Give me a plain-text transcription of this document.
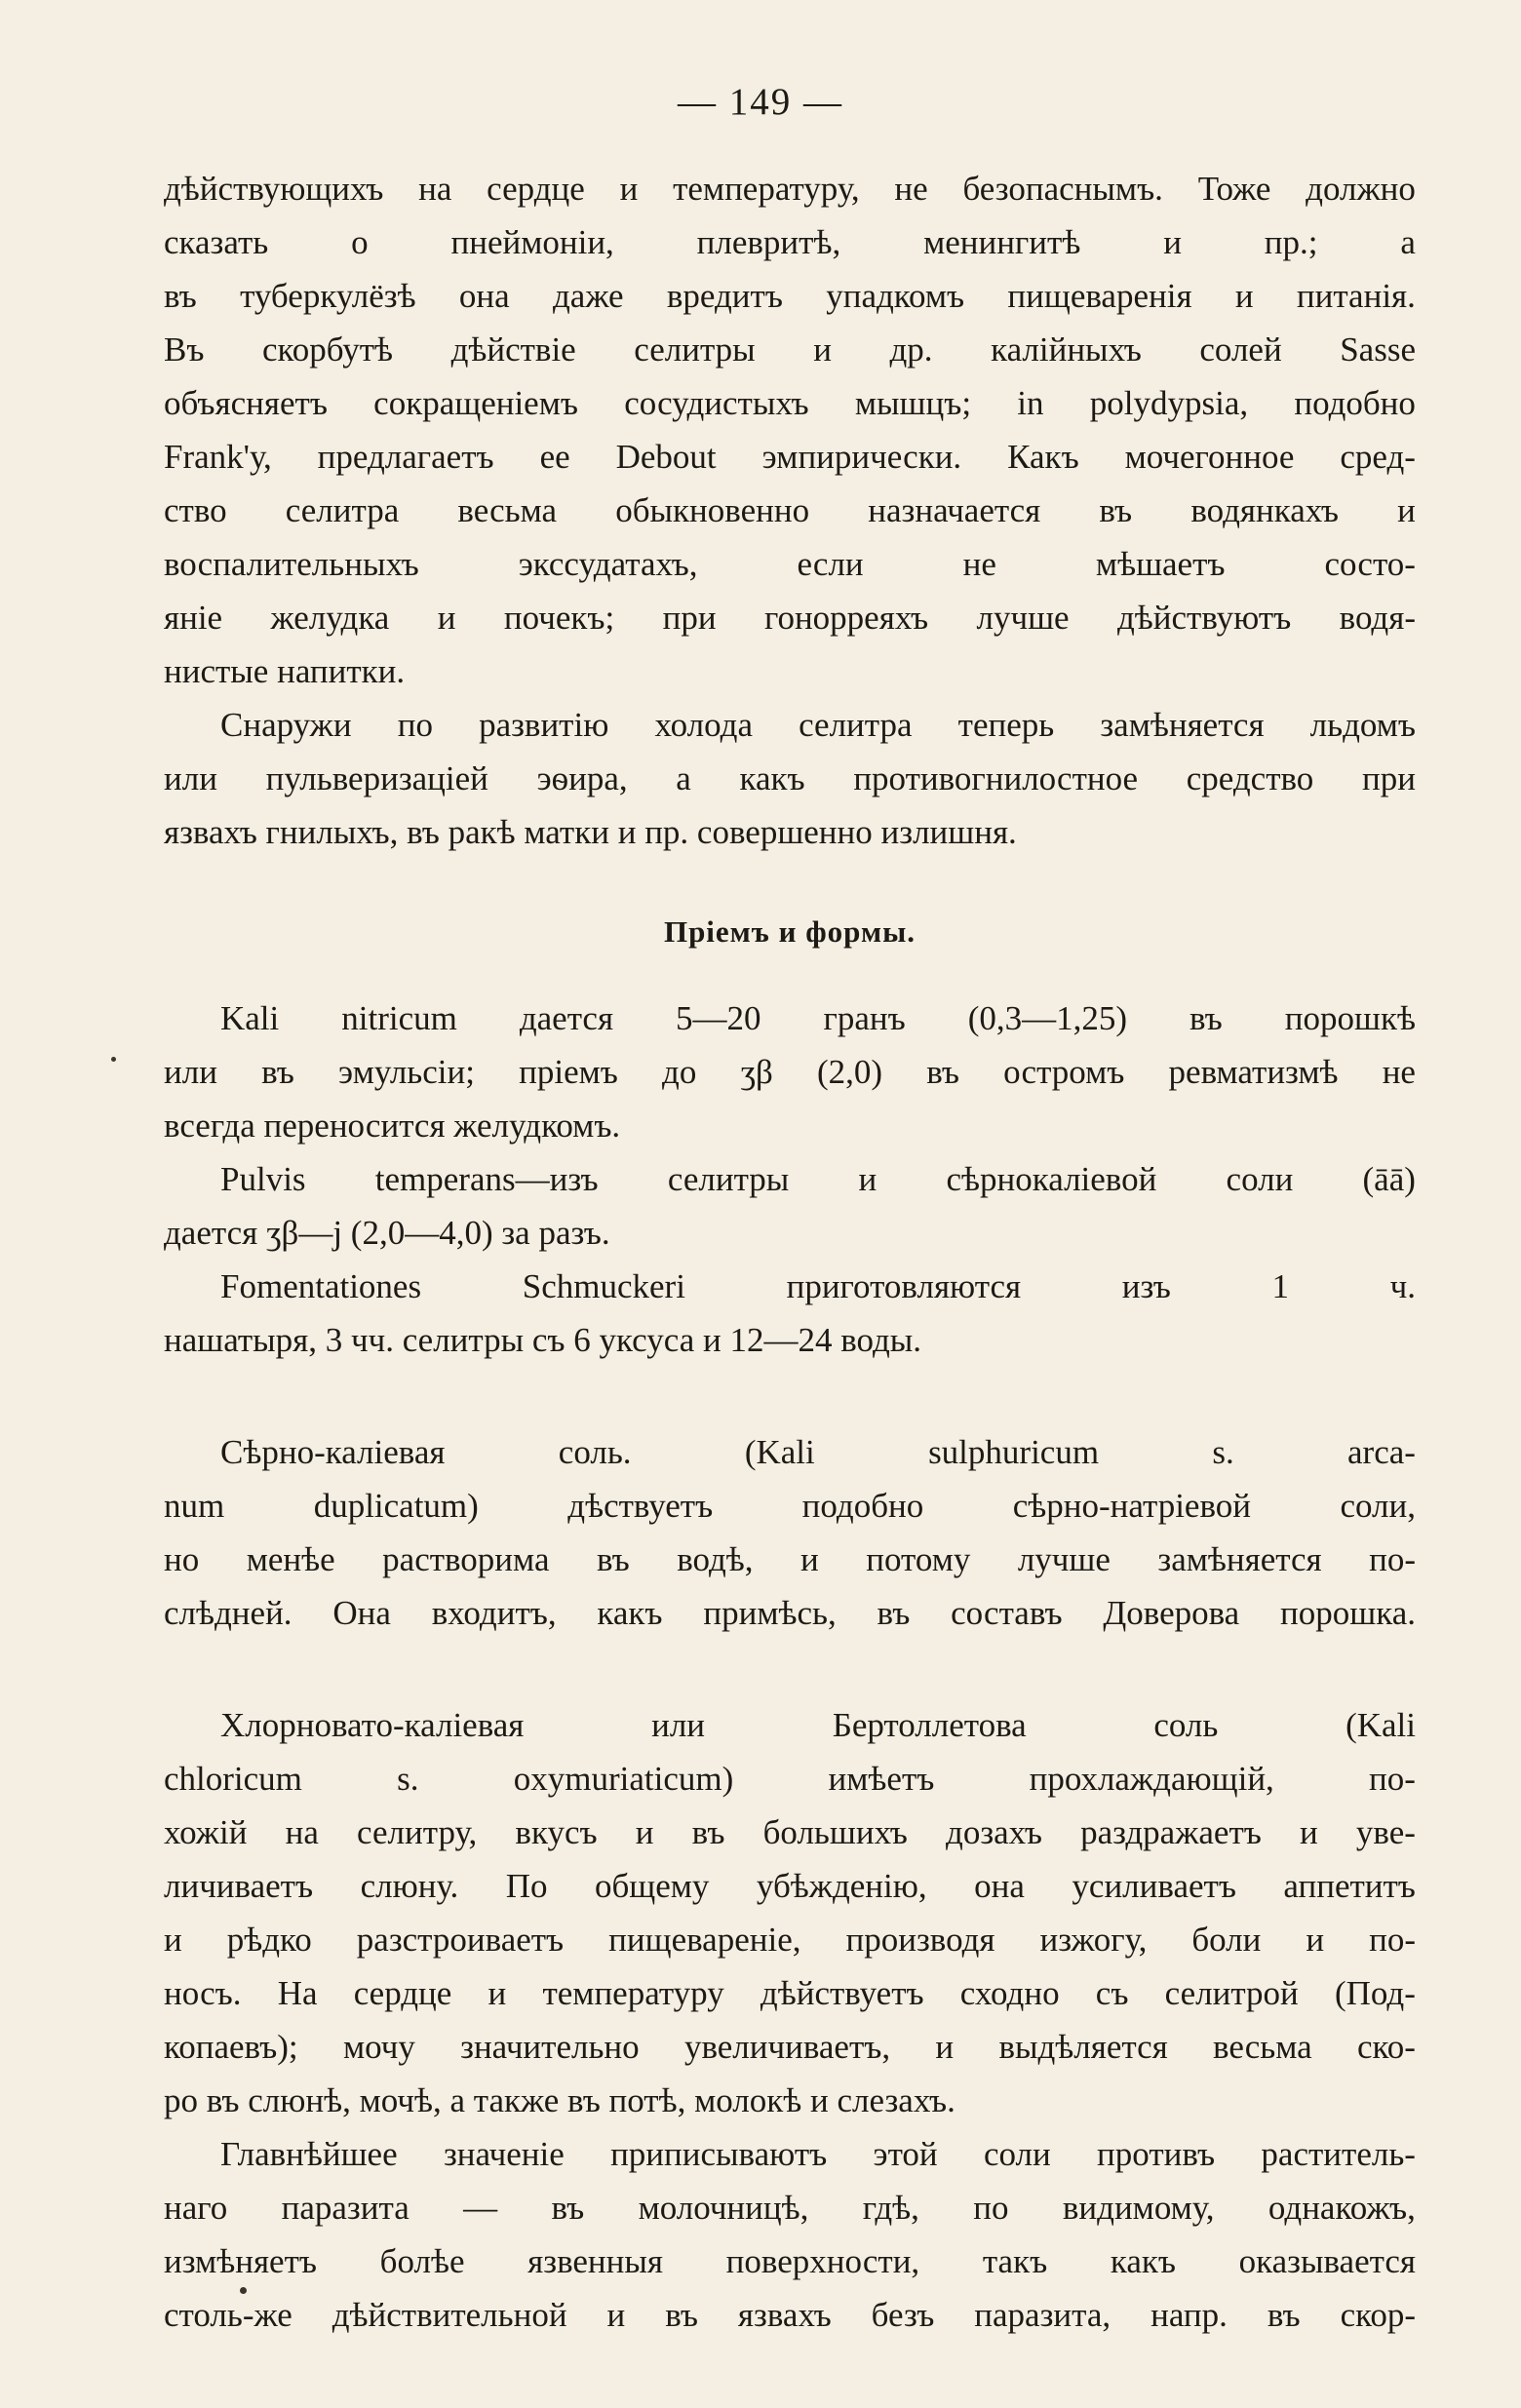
— 149 —
дѣйствующихъ на сердце и температуру, не безопаснымъ. Тоже должно
сказать о пнеймоніи, плевритѣ, менингитѣ и пр.; а
въ туберкулёзѣ она даже вредитъ упадкомъ пищеваренія и питанія.
Въ скорбутѣ дѣйствіе селитры и др. калійныхъ солей Sasse
объясняетъ сокращеніемъ сосудистыхъ мышцъ; in polydypsia, подобно
Frank'у, предлагаетъ ее Debout эмпирически. Какъ мочегонное сред-
ство селитра весьма обыкновенно назначается въ водянкахъ и
воспалительныхъ	экссудатахъ,	если	не	мѣшаетъ	состо-
яніе желудка и почекъ; при гонорреяхъ лучше дѣйствуютъ водя-
нистые напитки.
Снаружи по развитію холода селитра теперь замѣняется льдомъ
или пульверизаціей эѳира, а какъ противогнилостное средство при
язвахъ гнилыхъ, въ ракѣ матки и пр. совершенно излишня.
Пріемъ и формы.
Kali nitricum дается 5—20 гранъ (0,3—1,25) въ порошкѣ
или въ эмульсіи; пріемъ до ʒβ (2,0) въ остромъ ревматизмѣ не
всегда переносится желудкомъ.
Pulvis temperans—изъ селитры и сѣрнокаліевой соли (āā)
дается ʒβ—j (2,0—4,0) за разъ.
Fomentationes	Schmuckeri	приготовляются	изъ	1	ч.
нашатыря, 3 чч. селитры съ 6 уксуса и 12—24 воды.
Сѣрно-каліевая	соль.	(Kali	sulphuricum	s.	arca-
num	duplicatum)	дѣствуетъ	подобно	сѣрно-натріевой	соли,
но менѣе растворима въ водѣ, и потому лучше замѣняется по-
слѣдней. Она входитъ, какъ примѣсь, въ составъ Доверова порошка.
Хлорновато-каліевая	или	Бертоллетова	соль	(Kali
chloricum	s.	oxymuriaticum)	имѣетъ	прохлаждающій,	по-
хожій на селитру, вкусъ и въ большихъ дозахъ раздражаетъ и уве-
личиваетъ слюну. По общему убѣжденію, она усиливаетъ аппетитъ
и рѣдко разстроиваетъ пищевареніе, производя изжогу, боли и по-
носъ. На сердце и температуру дѣйствуетъ сходно съ селитрой (Под-
копаевъ); мочу значительно увеличиваетъ, и выдѣляется весьма ско-
ро въ слюнѣ, мочѣ, а также въ потѣ, молокѣ и слезахъ.
Главнѣйшее значеніе приписываютъ этой соли противъ раститель-
наго паразита — въ молочницѣ, гдѣ, по видимому, однакожъ,
измѣняетъ болѣе язвенныя поверхности, такъ какъ оказывается
столь-же дѣйствительной и въ язвахъ безъ паразита, напр. въ скор-
